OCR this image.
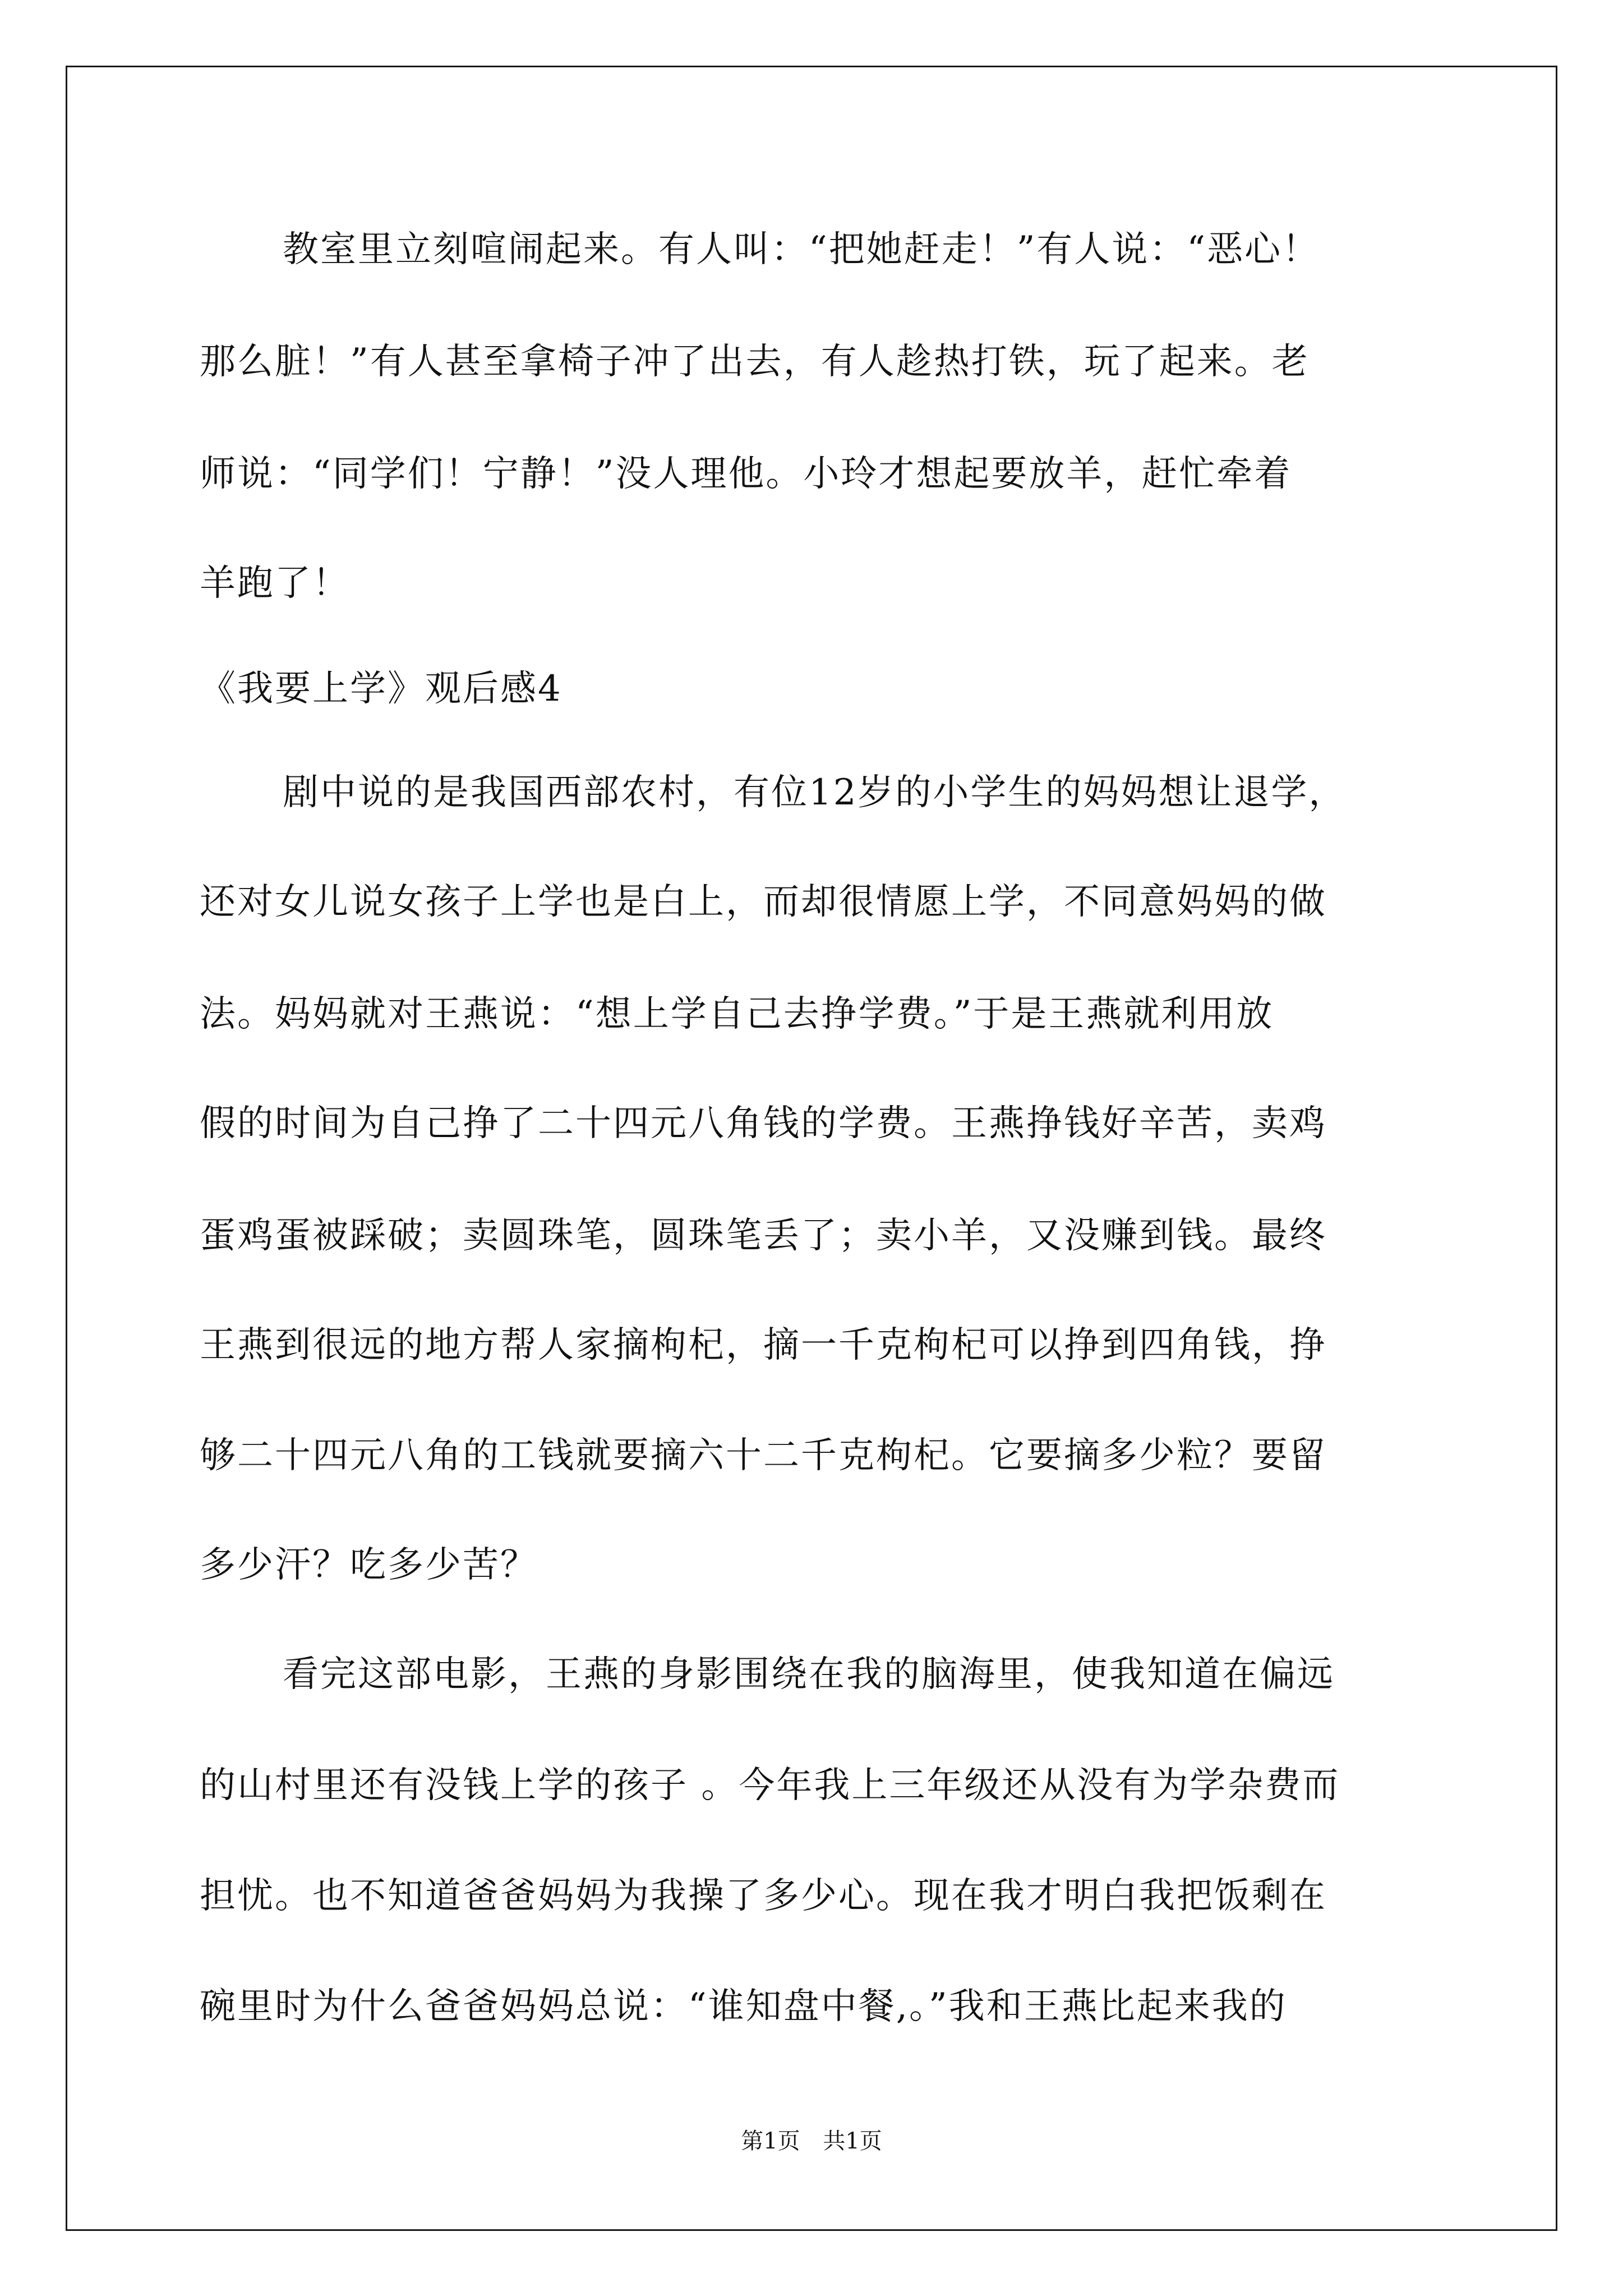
教室里立刻喧闹起来。有人叫：“把她赶走！”有人说：“恶心！
那么脏！”有人甚至拿椅子冲了出去，有人趁热打铁，玩了起来。老
师说：“同学们！宁静！”没人理他。小玲才想起要放羊，赶忙牵着
羊跑了！
《我要上学》观后感4
剧中说的是我国西部农村，有位12岁的小学生的妈妈想让退学，
还对女儿说女孩子上学也是白上，而却很情愿上学，不同意妈妈的做
法。妈妈就对王燕说：“想上学自己去挣学费。”于是王燕就利用放
假的时间为自己挣了二十四元八角钱的学费。王燕挣钱好辛苦，卖鸡
蛋鸡蛋被踩破；卖圆珠笔，圆珠笔丢了；卖小羊，又没赚到钱。最终
王燕到很远的地方帮人家摘枸杞，摘一千克枸杞可以挣到四角钱，挣
够二十四元八角的工钱就要摘六十二千克枸杞。它要摘多少粒？要留
多少汗？吃多少苦？
看完这部电影，王燕的身影围绕在我的脑海里，使我知道在偏远
的山村里还有没钱上学的孩子 。今年我上三年级还从没有为学杂费而
担忧。也不知道爸爸妈妈为我操了多少心。现在我才明白我把饭剩在
碗里时为什么爸爸妈妈总说：“谁知盘中餐,。”我和王燕比起来我的
第1页 共1页
